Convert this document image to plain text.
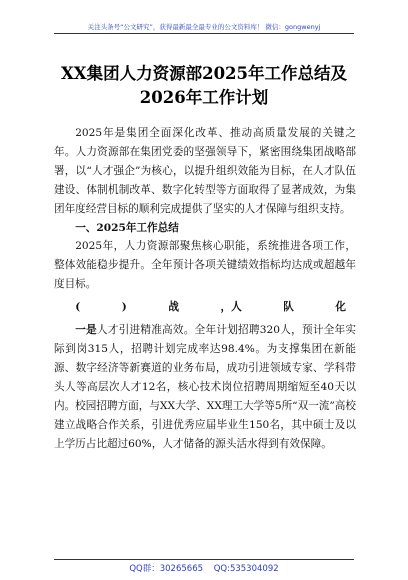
关注头条号“公文研究”，获得最新最全最专业的公文资料库！ 微信：gongwenyj
XX集团人力资源部2025年工作总结及
2026年工作计划

2025年是集团全面深化改革、推动高质量发展的关键之年。人力资源部在集团党委的坚强领导下，紧密围绕集团战略部署，以“人才强企”为核心，以提升组织效能为目标，在人才队伍建设、体制机制改革、数字化转型等方面取得了显著成效，为集团年度经营目标的顺利完成提供了坚实的人才保障与组织支持。

一、2025年工作总结

2025年，人力资源部聚焦核心职能，系统推进各项工作，整体效能稳步提升。全年预计各项关键绩效指标均达成或超越年度目标。

(	)	战	，人	队	化

一是人才引进精准高效。全年计划招聘320人，预计全年实际到岗315人，招聘计划完成率达98.4%。为支撑集团在新能源、数字经济等新赛道的业务布局，成功引进领域专家、学科带头人等高层次人才12名，核心技术岗位招聘周期缩短至40天以内。校园招聘方面，与XX大学、XX理工大学等5所“双一流”高校建立战略合作关系，引进优秀应届毕业生150名，其中硕士及以上学历占比超过60%，人才储备的源头活水得到有效保障。

QQ群：30265665 QQ:535304092
